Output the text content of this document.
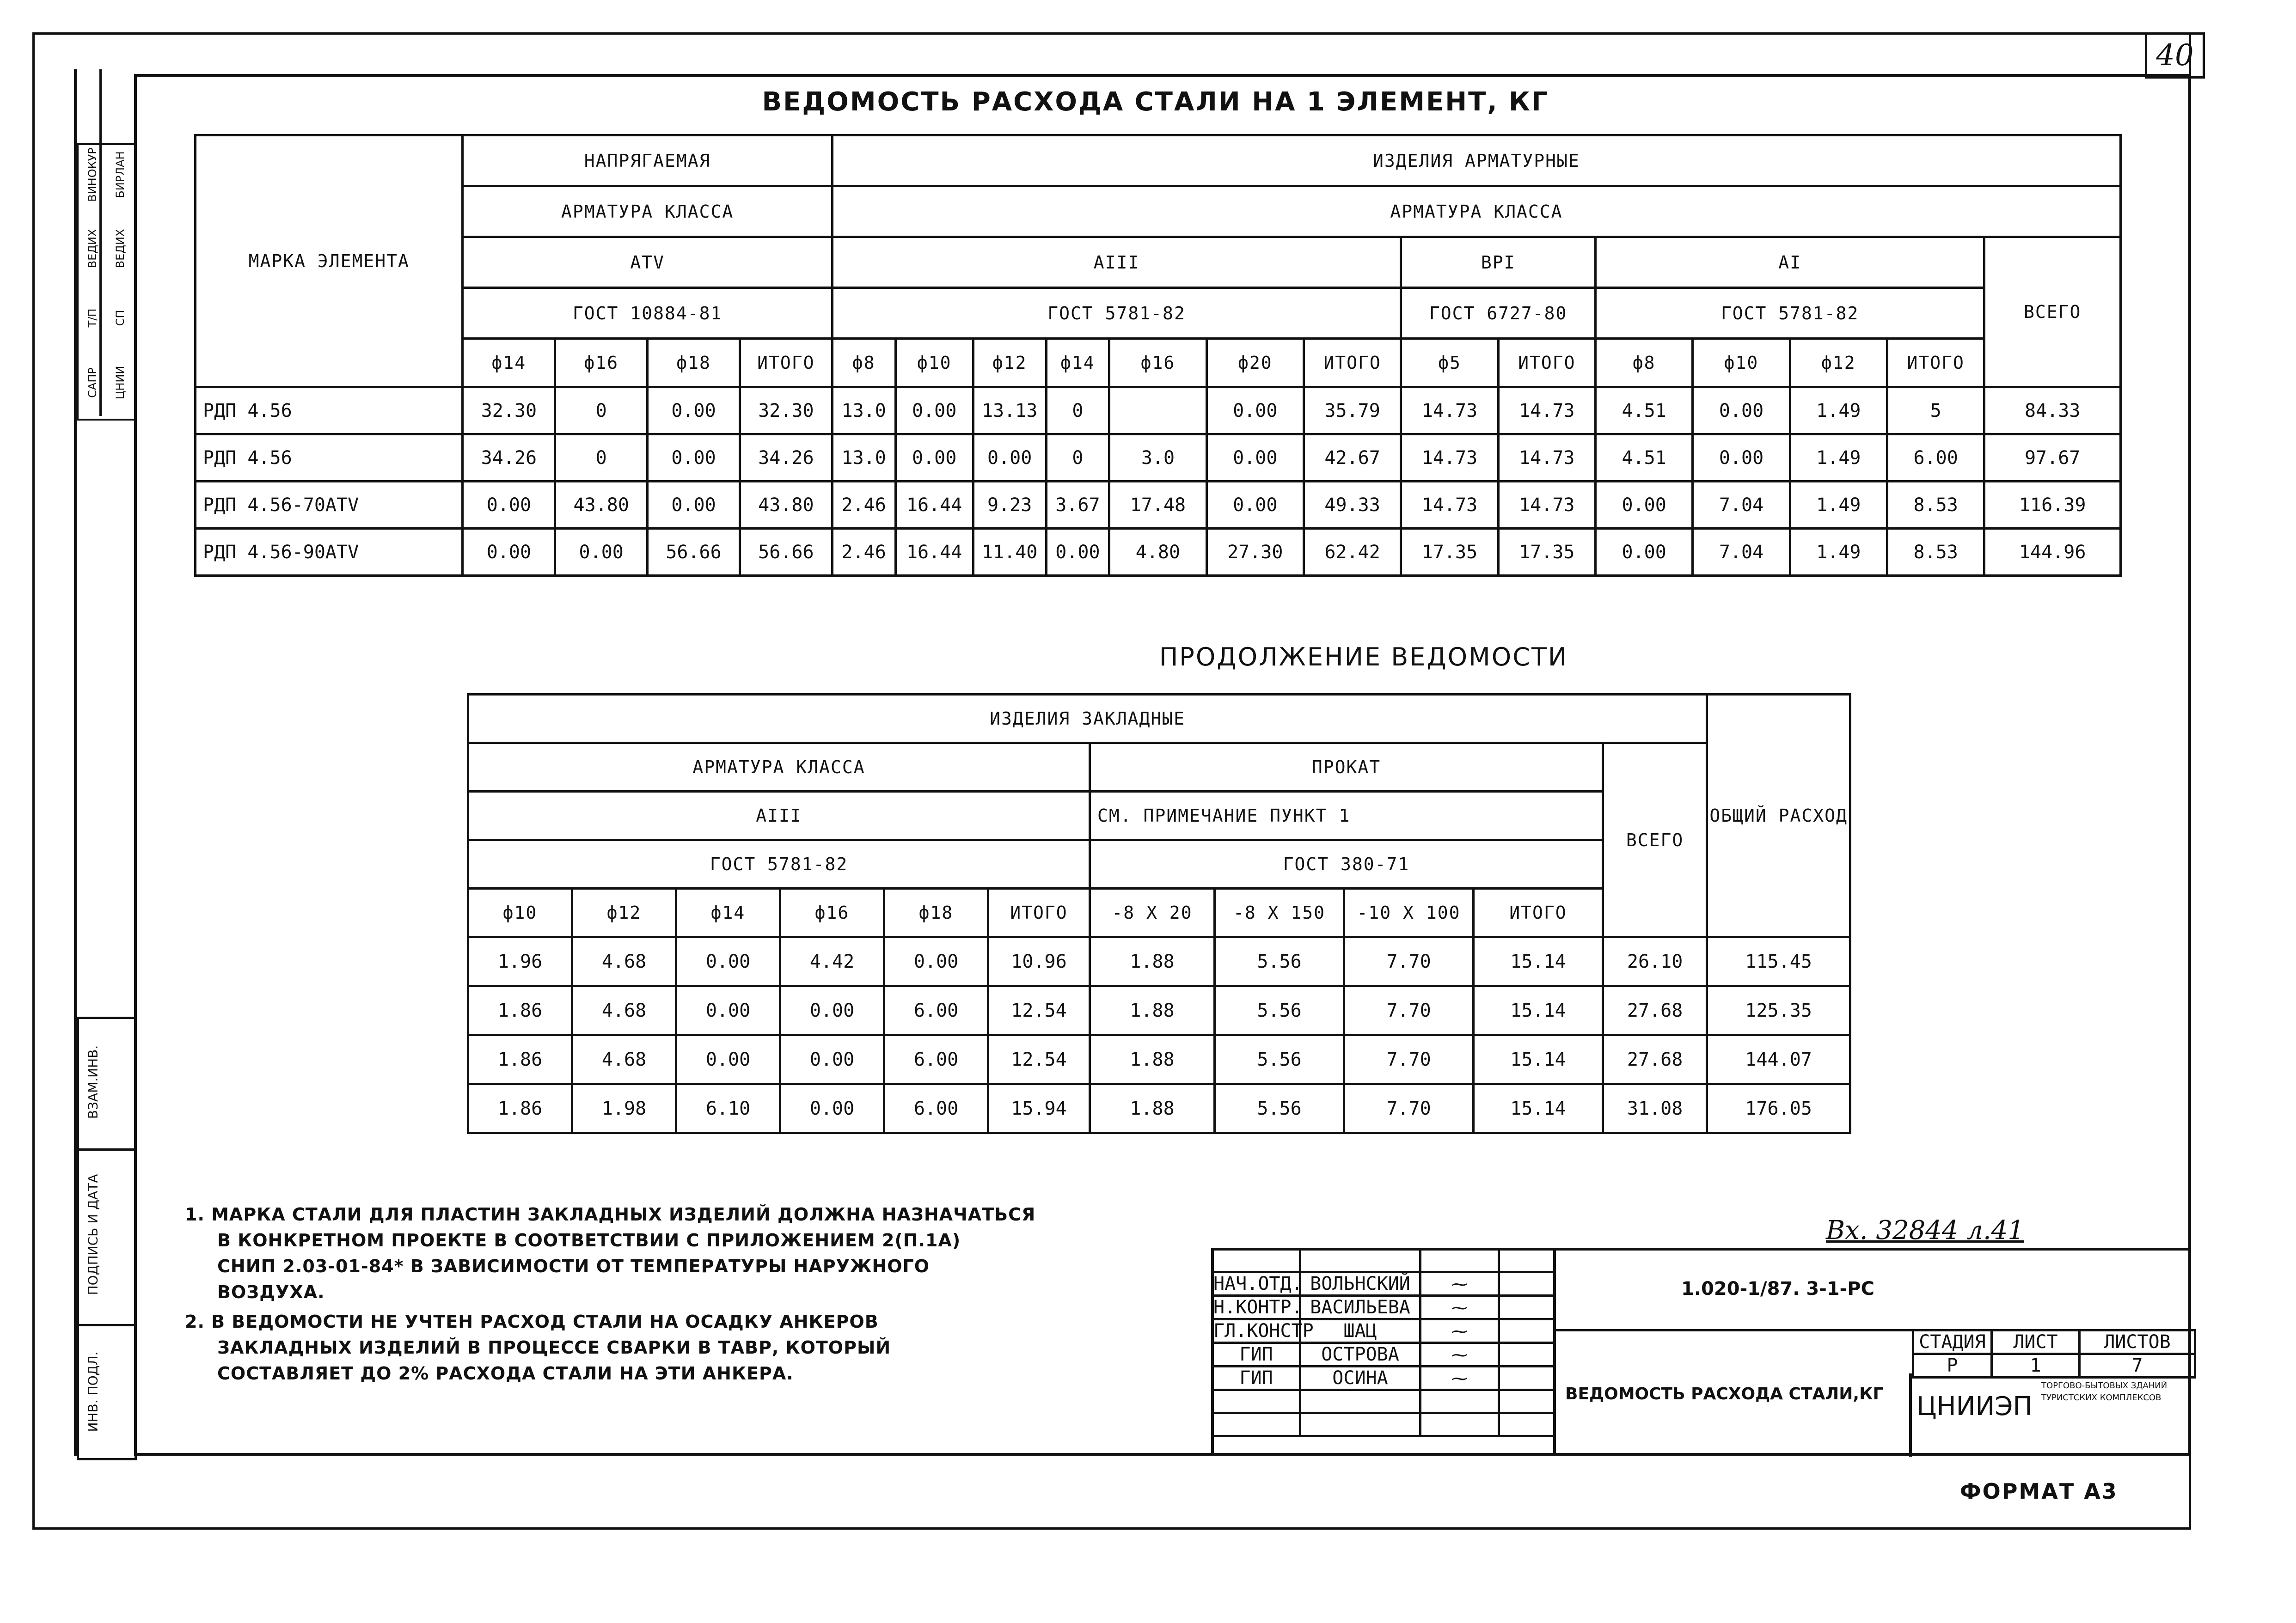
40
ВИНОКУР БИРЛАН
ВЕДИХ ВЕДИХ
Т/П СП
САПР ЦНИИ
ВЗАМ.ИНВ.
ПОДПИСЬ И ДАТА
ИНВ. ПОДЛ.
ВЕДОМОСТЬ РАСХОДА СТАЛИ НА 1 ЭЛЕМЕНТ, КГ
МАРКА ЭЛЕМЕНТА	НАПРЯГАЕМАЯ				ИЗДЕЛИЯ АРМАТУРНЫЕ													
	АРМАТУРА КЛАССА				АРМАТУРА КЛАССА													
	АТV				АIII							ВРI		АI				ВСЕГО
	ГОСТ 10884-81				ГОСТ 5781-82							ГОСТ 6727-80		ГОСТ 5781-82				
	ф14	ф16	ф18	ИТОГО	ф8	ф10	ф12	ф14	ф16	ф20	ИТОГО	ф5	ИТОГО	ф8	ф10	ф12	ИТОГО	
РДП 4.56	32.30	0	0.00	32.30	13.0	0.00	13.13	0		0.00	35.79	14.73	14.73	4.51	0.00	1.49	5	84.33
РДП 4.56	34.26	0	0.00	34.26	13.0	0.00	0.00	0	3.0	0.00	42.67	14.73	14.73	4.51	0.00	1.49	6.00	97.67
РДП 4.56-70АТV	0.00	43.80	0.00	43.80	2.46	16.44	9.23	3.67	17.48	0.00	49.33	14.73	14.73	0.00	7.04	1.49	8.53	116.39
РДП 4.56-90АТV	0.00	0.00	56.66	56.66	2.46	16.44	11.40	0.00	4.80	27.30	62.42	17.35	17.35	0.00	7.04	1.49	8.53	144.96
ПРОДОЛЖЕНИЕ ВЕДОМОСТИ
ИЗДЕЛИЯ ЗАКЛАДНЫЕ											ОБЩИЙ РАСХОД
АРМАТУРА КЛАССА						ПРОКАТ				ВСЕГО	
АIII						СМ. ПРИМЕЧАНИЕ ПУНКТ 1					
ГОСТ 5781-82						ГОСТ 380-71					
ф10	ф12	ф14	ф16	ф18	ИТОГО	-8 X 20	-8 X 150	-10 X 100	ИТОГО		
1.96	4.68	0.00	4.42	0.00	10.96	1.88	5.56	7.70	15.14	26.10	115.45
1.86	4.68	0.00	0.00	6.00	12.54	1.88	5.56	7.70	15.14	27.68	125.35
1.86	4.68	0.00	0.00	6.00	12.54	1.88	5.56	7.70	15.14	27.68	144.07
1.86	1.98	6.10	0.00	6.00	15.94	1.88	5.56	7.70	15.14	31.08	176.05
1. МАРКА СТАЛИ ДЛЯ ПЛАСТИН ЗАКЛАДНЫХ ИЗДЕЛИЙ ДОЛЖНА НАЗНАЧАТЬСЯ
В КОНКРЕТНОМ ПРОЕКТЕ В СООТВЕТСТВИИ С ПРИЛОЖЕНИЕМ 2(П.1А)
СНИП 2.03-01-84* В ЗАВИСИМОСТИ ОТ ТЕМПЕРАТУРЫ НАРУЖНОГО
ВОЗДУХА.
2. В ВЕДОМОСТИ НЕ УЧТЕН РАСХОД СТАЛИ НА ОСАДКУ АНКЕРОВ
ЗАКЛАДНЫХ ИЗДЕЛИЙ В ПРОЦЕССЕ СВАРКИ В ТАВР, КОТОРЫЙ
СОСТАВЛЯЕТ ДО 2% РАСХОДА СТАЛИ НА ЭТИ АНКЕРА.
Вх. 32844 л.41

НАЧ.ОТД.	ВОЛЬНСКИЙ	⁓	
Н.КОНТР.	ВАСИЛЬЕВА	⁓	
ГЛ.КОНСТР	ШАЦ	⁓	
ГИП	ОСТРОВА	⁓	
ГИП	ОСИНА	⁓	

1.020-1/87. 3-1-РС
ВЕДОМОСТЬ РАСХОДА СТАЛИ,КГ
СТАДИЯ	ЛИСТ	ЛИСТОВ
Р	1	7
ЦНИИЭП
ТОРГОВО-БЫТОВЫХ ЗДАНИЙ ТУРИСТСКИХ КОМПЛЕКСОВ
ФОРМАТ А3
